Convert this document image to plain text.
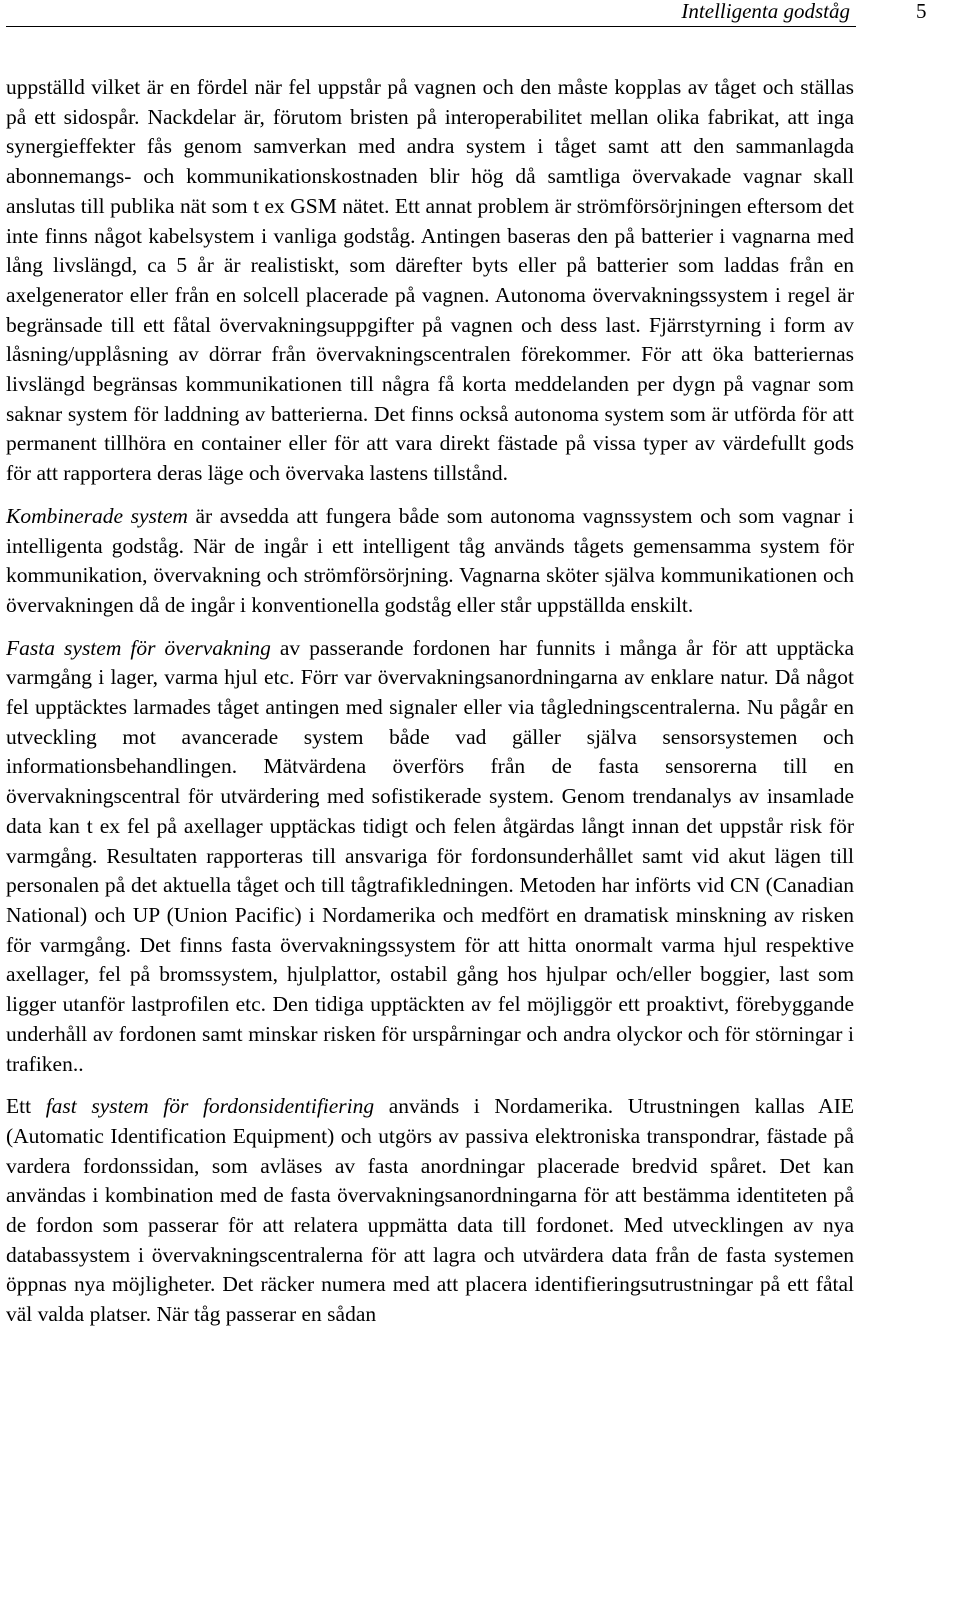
Intelligenta godståg	5

uppställd vilket är en fördel när fel uppstår på vagnen och den måste kopplas av tåget och ställas på ett sidospår. Nackdelar är, förutom bristen på interoperabilitet mellan olika fabrikat, att inga synergieffekter fås genom samverkan med andra system i tåget samt att den sammanlagda abonnemangs- och kommunikationskostnaden blir hög då samtliga övervakade vagnar skall anslutas till publika nät som t ex GSM nätet. Ett annat problem är strömförsörjningen eftersom det inte finns något kabelsystem i vanliga godståg. Antingen baseras den på batterier i vagnarna med lång livslängd, ca 5 år är realistiskt, som därefter byts eller på batterier som laddas från en axelgenerator eller från en solcell placerade på vagnen. Autonoma övervakningssystem i regel är begränsade till ett fåtal övervakningsuppgifter på vagnen och dess last. Fjärrstyrning i form av låsning/upplåsning av dörrar från övervakningscentralen förekommer. För att öka batteriernas livslängd begränsas kommunikationen till några få korta meddelanden per dygn på vagnar som saknar system för laddning av batterierna. Det finns också autonoma system som är utförda för att permanent tillhöra en container eller för att vara direkt fästade på vissa typer av värdefullt gods för att rapportera deras läge och övervaka lastens tillstånd.

Kombinerade system är avsedda att fungera både som autonoma vagnssystem och som vagnar i intelligenta godståg. När de ingår i ett intelligent tåg används tågets gemensamma system för kommunikation, övervakning och strömförsörjning. Vagnarna sköter själva kommunikationen och övervakningen då de ingår i konventionella godståg eller står uppställda enskilt.

Fasta system för övervakning av passerande fordonen har funnits i många år för att upptäcka varmgång i lager, varma hjul etc. Förr var övervakningsanordningarna av enklare natur. Då något fel upptäcktes larmades tåget antingen med signaler eller via tågledningscentralerna. Nu pågår en utveckling mot avancerade system både vad gäller själva sensorsystemen och informationsbehandlingen. Mätvärdena överförs från de fasta sensorerna till en övervakningscentral för utvärdering med sofistikerade system. Genom trendanalys av insamlade data kan t ex fel på axellager upptäckas tidigt och felen åtgärdas långt innan det uppstår risk för varmgång. Resultaten rapporteras till ansvariga för fordonsunderhållet samt vid akut lägen till personalen på det aktuella tåget och till tågtrafikledningen. Metoden har införts vid CN (Canadian National) och UP (Union Pacific) i Nordamerika och medfört en dramatisk minskning av risken för varmgång. Det finns fasta övervakningssystem för att hitta onormalt varma hjul respektive axellager, fel på bromssystem, hjulplattor, ostabil gång hos hjulpar och/eller boggier, last som ligger utanför lastprofilen etc. Den tidiga upptäckten av fel möjliggör ett proaktivt, förebyggande underhåll av fordonen samt minskar risken för urspårningar och andra olyckor och för störningar i trafiken..

Ett fast system för fordonsidentifiering används i Nordamerika. Utrustningen kallas AIE (Automatic Identification Equipment) och utgörs av passiva elektroniska transpondrar, fästade på vardera fordonssidan, som avläses av fasta anordningar placerade bredvid spåret. Det kan användas i kombination med de fasta övervakningsanordningarna för att bestämma identiteten på de fordon som passerar för att relatera uppmätta data till fordonet. Med utvecklingen av nya databassystem i övervakningscentralerna för att lagra och utvärdera data från de fasta systemen öppnas nya möjligheter. Det räcker numera med att placera identifieringsutrustningar på ett fåtal väl valda platser. När tåg passerar en sådan
